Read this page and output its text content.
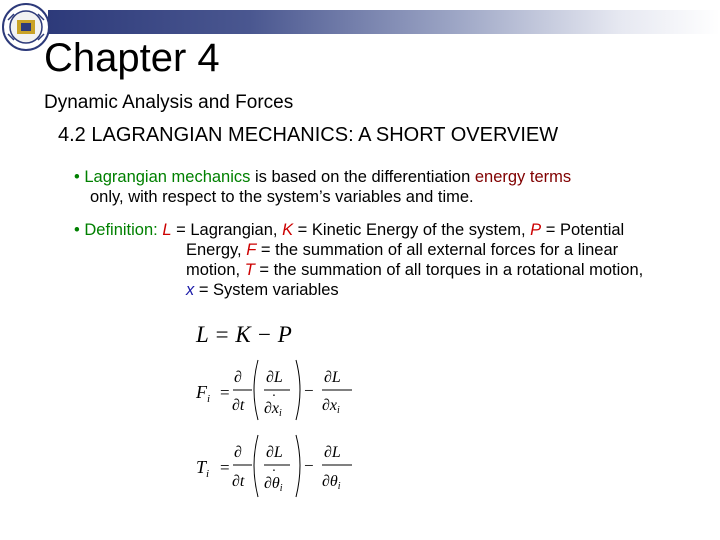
Chapter 4
Dynamic Analysis and Forces
4.2 LAGRANGIAN MECHANICS: A SHORT OVERVIEW
• Lagrangian mechanics is based on the differentiation energy terms
only, with respect to the system’s variables and time.
• Definition: L = Lagrangian, K = Kinetic Energy of the system, P = Potential
Energy, F = the summation of all external forces for a linear
motion, T = the summation of all torques in a rotational motion,
x = System variables
L = K − P
$F_i$ =
∂
∂t
∂L
·
∂xi
−
∂L
∂xi
$T_i$ =
∂
∂t
∂L
·
∂θi
−
∂L
∂θi
